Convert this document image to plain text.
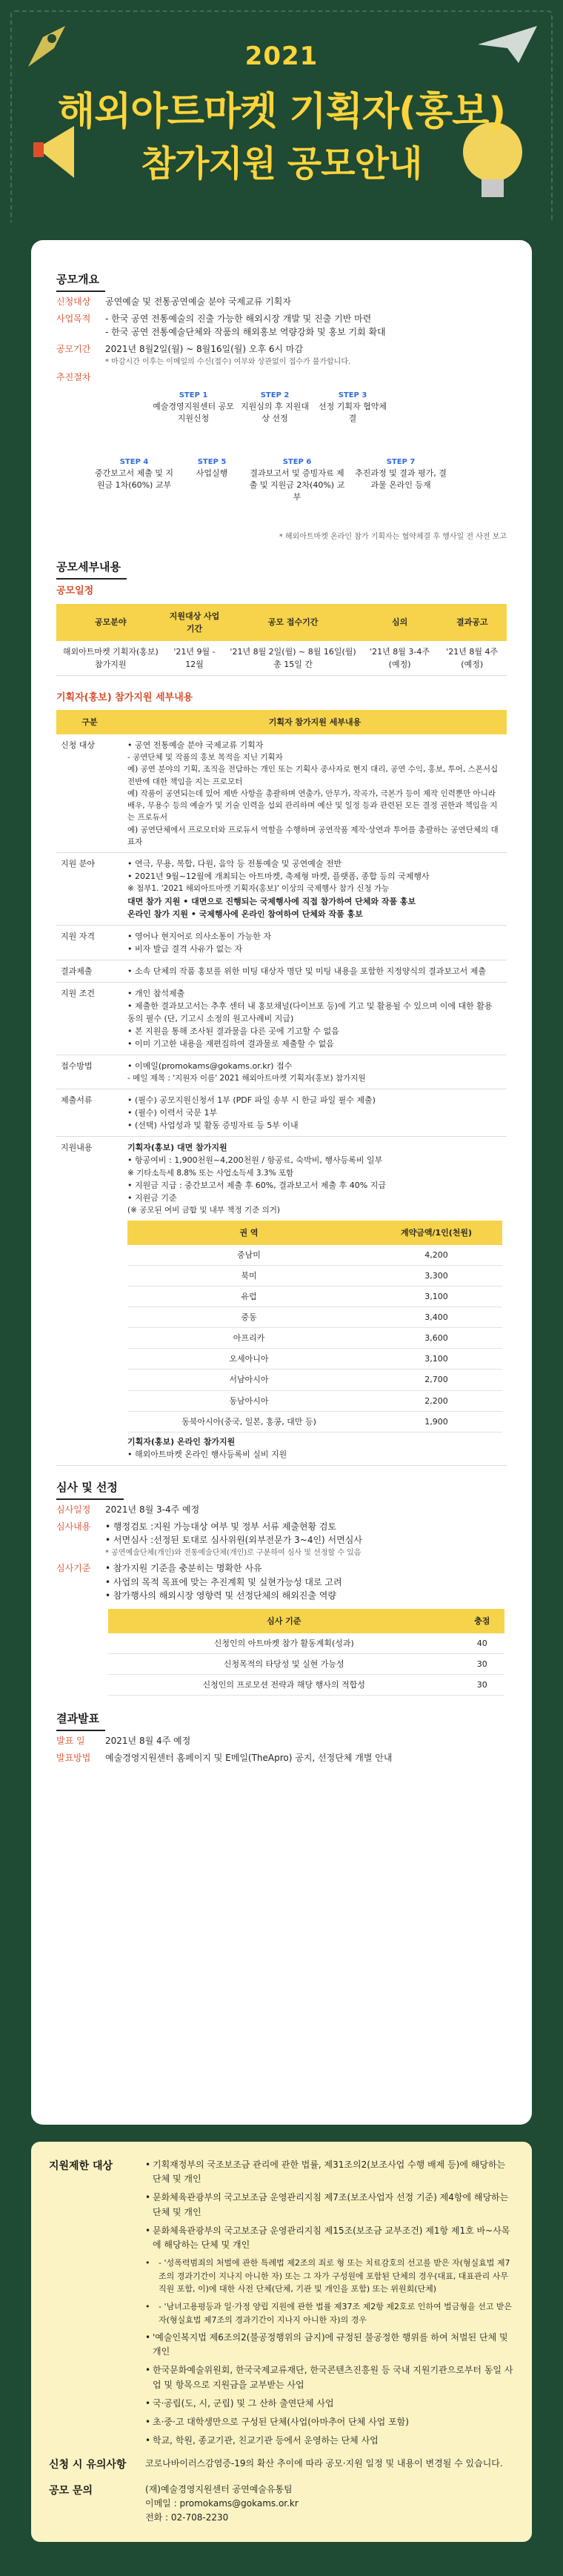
2021
해외아트마켓 기획자(홍보)
참가지원 공모안내
공모개요
신청대상	공연예술 및 전통공연예술 분야 국제교류 기획자
사업목적	- 한국 공연 전통예술의 진출 가능한 해외시장 개발 및 진출 기반 마련
- 한국 공연 전통예술단체와 작품의 해외홍보 역량강화 및 홍보 기회 확대
공모기간	2021년 8월2일(월) ~ 8월16일(월) 오후 6시 마감
* 마감시간 이후는 이메일의 수신(접수) 여부와 상관없이 접수가 불가합니다.
추진절차
STEP 1
예술경영지원센터 공모지원신청
STEP 2
지원심의 후 지원대상 선정
STEP 3
선정 기획자 협약체결
STEP 4
중간보고서 제출 및 지원금 1차(60%) 교부
STEP 5
사업실행
STEP 6
결과보고서 및 증빙자료 제출 및 지원금 2차(40%) 교부
STEP 7
추진과정 및 결과 평가, 결과물 온라인 등재
* 해외아트마켓 온라인 참가 기획자는 협약체결 후 행사일 전 사전 보고
공모세부내용
공모일정
공모분야	지원대상 사업기간	공모 접수기간	심의	결과공고
해외아트마켓 기획자(홍보) 참가지원	'21년 9월 - 12월	'21년 8월 2일(월) ~ 8월 16일(월) 총 15일 간	'21년 8월 3-4주 (예정)	'21년 8월 4주 (예정)
기획자(홍보) 참가지원 세부내용
구분	기획자 참가지원 세부내용
신청 대상	• 공연 전통예술 분야 국제교류 기획자
- 공연단체 및 작품의 홍보 목적을 지닌 기획자
예) 공연 분야의 기획, 조직을 전담하는 개인 또는 기획사 종사자로 현지 대리, 공연 수익, 홍보, 투어, 스폰서십 전반에 대한 책임을 지는 프로모터
예) 작품이 공연되는데 있어 제반 사항을 총괄하며 연출가, 안무가, 작곡가, 극본가 등이 제작 인력뿐만 아니라 배우, 무용수 등의 예술가 및 기술 인력을 섭외 관리하며 예산 및 일정 등과 관련된 모든 결정 권한과 책임을 지는 프로듀서
예) 공연단체에서 프로모터와 프로듀서 역할을 수행하며 공연작품 제작·상연과 투어를 총괄하는 공연단체의 대표자

지원 분야	• 연극, 무용, 복합, 다원, 음악 등 전통예술 및 공연예술 전반
• 2021년 9월~12월에 개최되는 아트마켓, 축제형 마켓, 플랫폼, 종합 등의 국제행사
※ 첨부1. '2021 해외아트마켓 기획자(홍보)' 이상의 국제행사 참가 신청 가능
대면 참가 지원 • 대면으로 진행되는 국제행사에 직접 참가하여 단체와 작품 홍보
온라인 참가 지원 • 국제행사에 온라인 참여하여 단체와 작품 홍보

지원 자격	• 영어나 현지어로 의사소통이 가능한 자
• 비자 발급 결격 사유가 없는 자

결과제출	• 소속 단체의 작품 홍보를 위한 미팅 대상자 명단 및 미팅 내용을 포함한 지정양식의 결과보고서 제출

지원 조건	• 개인 참석제출
• 제출한 결과보고서는 추후 센터 내 홍보채널(다이브포 등)에 기고 및 활용될 수 있으며 이에 대한 활용 동의 필수 (단, 기고시 소정의 원고사례비 지급)
• 본 지원을 통해 조사된 결과물을 다른 곳에 기고할 수 없음
• 이미 기고한 내용을 재편집하여 결과물로 제출할 수 없음

접수방법	• 이메일(promokams@gokams.or.kr) 접수
- 메일 제목 : '지원자 이름' 2021 해외아트마켓 기획자(홍보) 참가지원

제출서류	• (필수) 공모지원신청서 1부 (PDF 파일 송부 시 한글 파일 필수 제출)
• (필수) 이력서 국문 1부
• (선택) 사업성과 및 활동 증빙자료 등 5부 이내

지원내용	기획자(홍보) 대면 참가지원
• 항공여비 : 1,900천원~4,200천원 / 항공료, 숙박비, 행사등록비 일부
※ 기타소득세 8.8% 또는 사업소득세 3.3% 포함
• 지원금 지급 : 중간보고서 제출 후 60%, 결과보고서 제출 후 40% 지급
• 지원금 기준
(※ 공모된 여비 금합 및 내부 책정 기준 의거)
권 역	계약금액/1인(천원)
중남미	4,200
북미	3,300
유럽	3,100
중동	3,400
아프리카	3,600
오세아니아	3,100
서남아시아	2,700
동남아시아	2,200
동북아시아(중국, 일본, 홍콩, 대만 등)	1,900
기획자(홍보) 온라인 참가지원
• 해외아트마켓 온라인 행사등록비 실비 지원
심사 및 선정
심사일정	2021년 8월 3-4주 예정
심사내용	• 행정검토 :지원 가능대상 여부 및 정부 서류 제출현황 검토
• 서면심사 :선정된 토대로 심사위원(외부전문가 3~4인) 서면심사
* 공연예술단체(개인)와 전통예술단체(개인)로 구분하여 심사 및 선정할 수 있음
심사기준	• 참가지원 기준을 충분히는 명확한 사유
• 사업의 목적 목표에 맞는 추진계획 및 실현가능성 대로 고려
• 참가행사의 해외시장 영향력 및 선정단체의 해외진출 역량
심사 기준	충점
신청인의 아트마켓 참가 활동계획(성과)	40
신청목적의 타당성 및 실현 가능성	30
신청인의 프로모션 전략과 해당 행사의 적합성	30
결과발표
발표 일	2021년 8월 4주 예정
발표방법	예술경영지원센터 홈페이지 및 E메일(TheApro) 공지, 선정단체 개별 안내
지원제한 대상	• 기획재정부의 국조보조금 관리에 관한 법률, 제31조의2(보조사업 수행 배제 등)에 해당하는 단체 및 개인
• 문화체육관광부의 국고보조금 운영관리지침 제7조(보조사업자 선정 기준) 제4항에 해당하는 단체 및 개인
• 문화체육관광부의 국고보조금 운영관리지침 제15조(보조금 교부조건) 제1항 제1호 바~사목에 해당하는 단체 및 개인
• - '성폭력범죄의 처벌에 관한 특례법 제2조의 죄로 형 또는 치료감호의 선고를 받은 자(형실효법 제7조의 경과기간이 지나지 아니한 자) 또는 그 자가 구성원에 포함된 단체의 경우(대표, 대표관리 사무직원 포함, 이)에 대한 사전 단체(단체, 기관 및 개인을 포함) 또는 위원회(단체)
• - '남녀고용평등과 일·가정 양립 지원에 관한 법률 제37조 제2항 제2호로 인하여 벌금형을 선고 받은 자(형실효법 제7조의 경과기간이 지나지 아니한 자)의 경우
• '예술인복지법 제6조의2(불공정행위의 금지)에 규정된 불공정한 행위를 하여 처벌된 단체 및 개인
• 한국문화예술위원회, 한국국제교류재단, 한국콘텐츠진흥원 등 국내 지원기관으로부터 동일 사업 및 항목으로 지원금을 교부받는 사업
• 국·공립(도, 시, 군립) 및 그 산하 출연단체 사업
• 초·중·고 대학생만으로 구성된 단체(사업(아마추어 단체 사업 포함)
• 학교, 학원, 종교기관, 친교기관 등에서 운영하는 단체 사업
신청 시 유의사항	코로나바이러스감염증-19의 확산 추이에 따라 공모·지원 일정 및 내용이 변경될 수 있습니다.
공모 문의	(재)예술경영지원센터 공연예술유통팀
이메일 : promokams@gokams.or.kr
전화 : 02-708-2230
